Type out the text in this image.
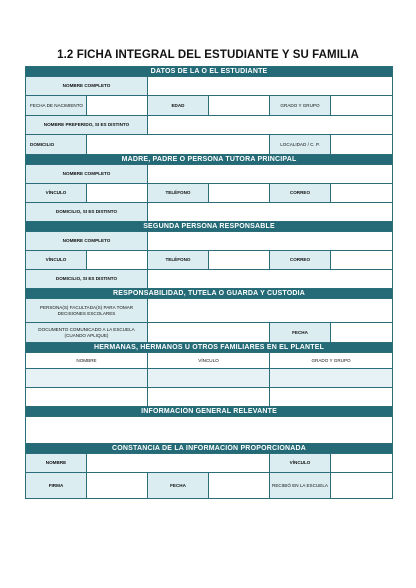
1.2 FICHA INTEGRAL DEL ESTUDIANTE Y SU FAMILIA
DATOS DE LA O EL ESTUDIANTE					
NOMBRE COMPLETO					
FECHA DE NACIMIENTO		EDAD		GRADO Y GRUPO	
NOMBRE PREFERIDO, SI ES DISTINTO					
DOMICILIO				LOCALIDAD / C. P.	
MADRE, PADRE O PERSONA TUTORA PRINCIPAL					
NOMBRE COMPLETO					
VÍNCULO		TELÉFONO		CORREO	
DOMICILIO, SI ES DISTINTO					
SEGUNDA PERSONA RESPONSABLE					
NOMBRE COMPLETO					
VÍNCULO		TELÉFONO		CORREO	
DOMICILIO, SI ES DISTINTO					
RESPONSABILIDAD, TUTELA O GUARDA Y CUSTODIA					
PERSONA(S) FACULTADA(S) PARA TOMAR DECISIONES ESCOLARES					
DOCUMENTO COMUNICADO A LA ESCUELA (CUANDO APLIQUE)				FECHA	
HERMANAS, HERMANOS U OTROS FAMILIARES EN EL PLANTEL					
NOMBRE		VÍNCULO		GRADO Y GRUPO	

INFORMACIÓN GENERAL RELEVANTE					

CONSTANCIA DE LA INFORMACIÓN PROPORCIONADA					
NOMBRE				VÍNCULO	
FIRMA		FECHA		RECIBIÓ EN LA ESCUELA	
